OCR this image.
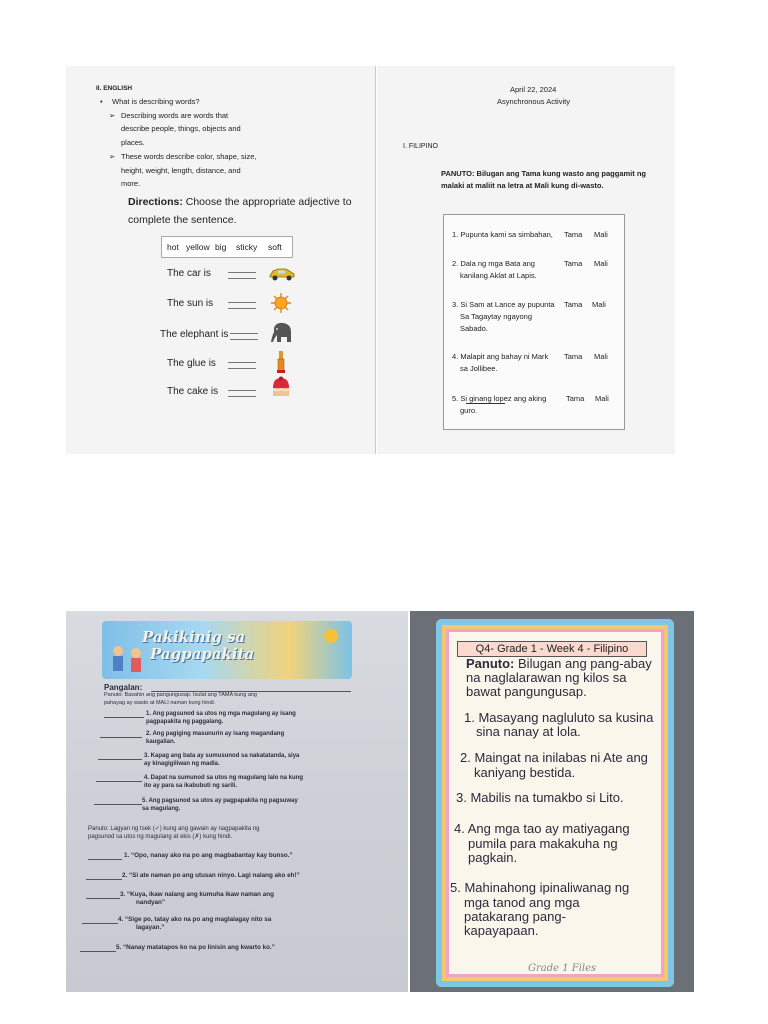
II. ENGLISH
• What is describing words?
➢ Describing words are words that
describe people, things, objects and
places.
➢ These words describe color, shape, size,
height, weight, length, distance, and
more.
Directions: Choose the appropriate adjective to
complete the sentence.
hot yellow big sticky soft
The car is
The sun is
The elephant is
The glue is
The cake is
April 22, 2024
Asynchronous Activity
I. FILIPINO
PANUTO: Bilugan ang Tama kung wasto ang paggamit ng
malaki at maliit na letra at Mali kung di-wasto.
1. Pupunta kami sa simbahan, Tama Mali
2. Dala ng mga Bata ang
kanilang Aklat at Lapis.
Tama Mali
3. Si Sam at Lance ay pupunta
Sa Tagaytay ngayong
Sabado.
Tama Mali
4. Malapit ang bahay ni Mark
sa Jollibee.
Tama Mali
5. Si ginang lopez ang aking
guro.
Tama Mali
Pakikinig sa
Pagpapakita
Pangalan:
Panuto: Basahin ang pangungusap. Isulat ang TAMA kung ang
pahayag ay wasto at MALI naman kung hindi.
1. Ang pagsunod sa utos ng mga magulang ay isang
pagpapakita ng paggalang.
2. Ang pagiging masunurin ay isang magandang
kaugalian.
3. Kapag ang bata ay sumusunod sa nakatatanda, siya
ay kinagigiliwan ng madla.
4. Dapat na sumunod sa utos ng magulang lalo na kung
ito ay para sa ikabubuti ng sarili.
5. Ang pagsunod sa utos ay pagpapakita ng pagsuway
sa magulang.
Panuto: Lagyan ng tsek (✓) kung ang gawain ay nagpapakita ng
pagsunod sa utos ng magulang at ekis (✗) kung hindi.
1. “Opo, nanay ako na po ang magbabantay kay bunso.”
2. “Si ate naman po ang utusan ninyo. Lagi nalang ako eh!”
3. “Kuya, ikaw nalang ang kumuha ikaw naman ang
nandyan”
4. “Sige po, tatay ako na po ang maglalagay nito sa
lagayan.”
5. “Nanay matatapos ko na po linisin ang kwarto ko.”
Q4- Grade 1 - Week 4 - Filipino
Panuto: Bilugan ang pang-abay
na naglalarawan ng kilos sa
bawat pangungusap.
1. Masayang nagluluto sa kusina
sina nanay at lola.
2. Maingat na inilabas ni Ate ang
kaniyang bestida.
3. Mabilis na tumakbo si Lito.
4. Ang mga tao ay matiyagang
pumila para makakuha ng
pagkain.
5. Mahinahong ipinaliwanag ng
mga tanod ang mga
patakarang pang-
kapayapaan.
Grade 1 Files
